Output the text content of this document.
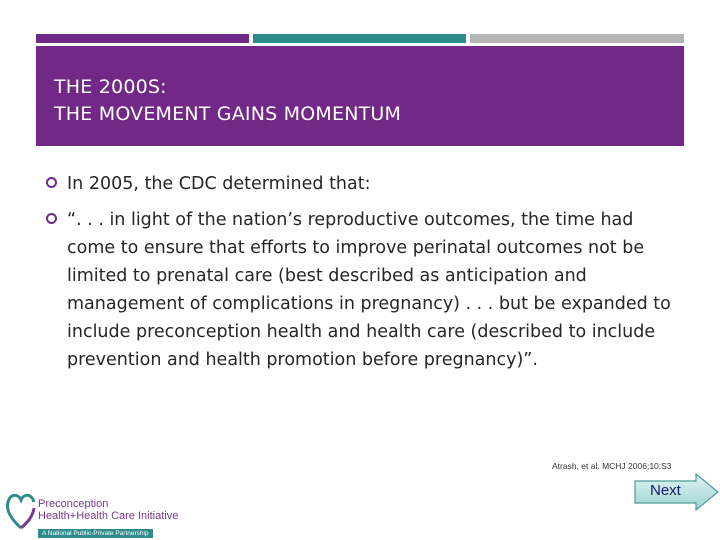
THE 2000S:
THE MOVEMENT GAINS MOMENTUM
In 2005, the CDC determined that:
“. . . in light of the nation’s reproductive outcomes, the time had come to ensure that efforts to improve perinatal outcomes not be limited to prenatal care (best described as anticipation and management of complications in pregnancy) . . . but be expanded to include preconception health and health care (described to include prevention and health promotion before pregnancy)”.
Atrash, et al. MCHJ 2006;10:S3
Preconception
Health+Health Care Initiative
A National Public-Private Partnership
Next
